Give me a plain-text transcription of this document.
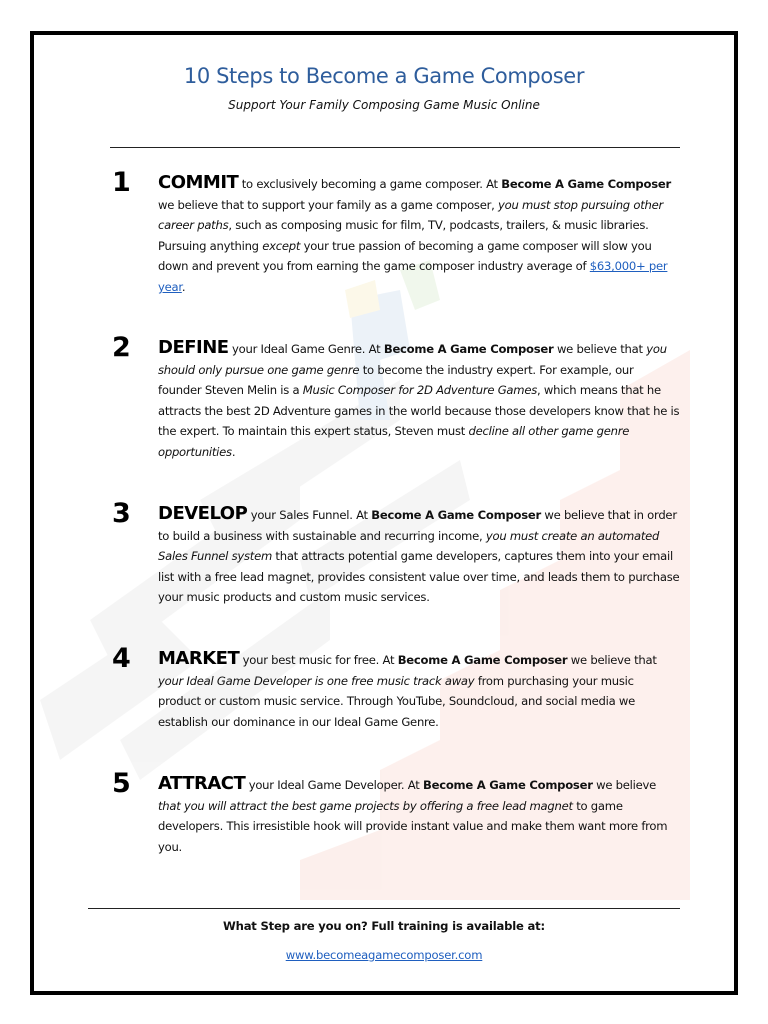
10 Steps to Become a Game Composer
Support Your Family Composing Game Music Online
1 COMMIT to exclusively becoming a game composer. At Become A Game Composer we believe that to support your family as a game composer, you must stop pursuing other career paths, such as composing music for film, TV, podcasts, trailers, & music libraries. Pursuing anything except your true passion of becoming a game composer will slow you down and prevent you from earning the game composer industry average of $63,000+ per year.
2 DEFINE your Ideal Game Genre. At Become A Game Composer we believe that you should only pursue one game genre to become the industry expert. For example, our founder Steven Melin is a Music Composer for 2D Adventure Games, which means that he attracts the best 2D Adventure games in the world because those developers know that he is the expert. To maintain this expert status, Steven must decline all other game genre opportunities.
3 DEVELOP your Sales Funnel. At Become A Game Composer we believe that in order to build a business with sustainable and recurring income, you must create an automated Sales Funnel system that attracts potential game developers, captures them into your email list with a free lead magnet, provides consistent value over time, and leads them to purchase your music products and custom music services.
4 MARKET your best music for free. At Become A Game Composer we believe that your Ideal Game Developer is one free music track away from purchasing your music product or custom music service. Through YouTube, Soundcloud, and social media we establish our dominance in our Ideal Game Genre.
5 ATTRACT your Ideal Game Developer. At Become A Game Composer we believe that you will attract the best game projects by offering a free lead magnet to game developers. This irresistible hook will provide instant value and make them want more from you.
What Step are you on? Full training is available at:
www.becomeagamecomposer.com
